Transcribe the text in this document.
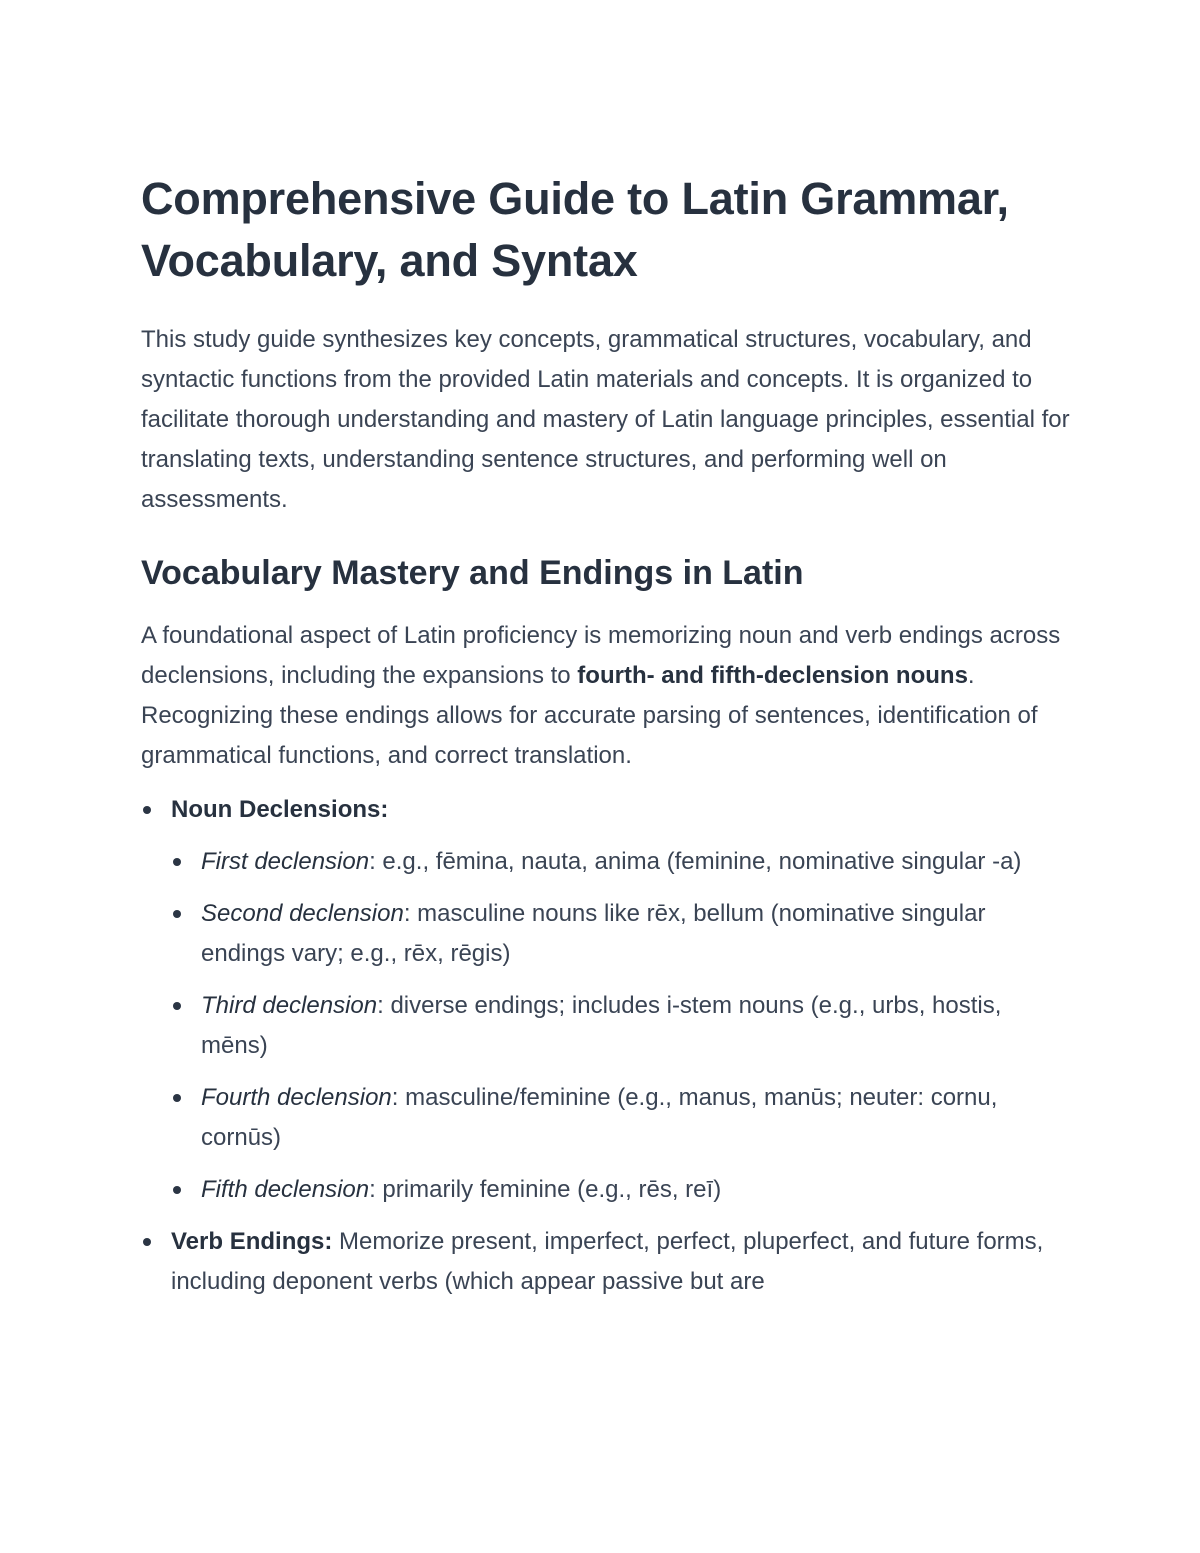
Comprehensive Guide to Latin Grammar, Vocabulary, and Syntax

This study guide synthesizes key concepts, grammatical structures, vocabulary, and syntactic functions from the provided Latin materials and concepts. It is organized to facilitate thorough understanding and mastery of Latin language principles, essential for translating texts, understanding sentence structures, and performing well on assessments.

Vocabulary Mastery and Endings in Latin

A foundational aspect of Latin proficiency is memorizing noun and verb endings across declensions, including the expansions to fourth- and fifth-declension nouns. Recognizing these endings allows for accurate parsing of sentences, identification of grammatical functions, and correct translation.

Noun Declensions:
First declension: e.g., fēmina, nauta, anima (feminine, nominative singular -a)
Second declension: masculine nouns like rēx, bellum (nominative singular endings vary; e.g., rēx, rēgis)
Third declension: diverse endings; includes i-stem nouns (e.g., urbs, hostis, mēns)
Fourth declension: masculine/feminine (e.g., manus, manūs; neuter: cornu, cornūs)
Fifth declension: primarily feminine (e.g., rēs, reī)
Verb Endings: Memorize present, imperfect, perfect, pluperfect, and future forms, including deponent verbs (which appear passive but are
